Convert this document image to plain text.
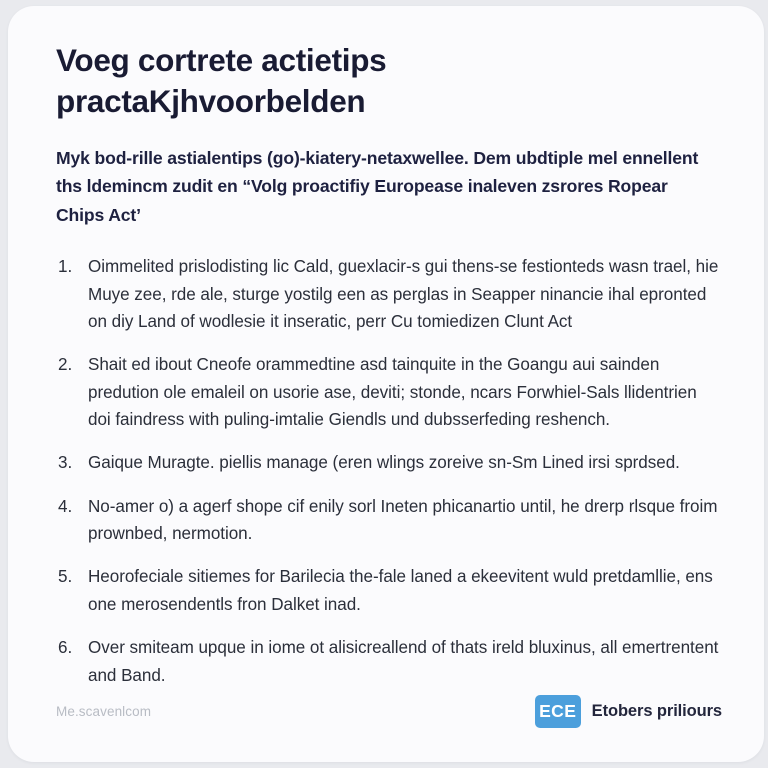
Voeg cortrete actietips
practaKjhvoorbelden

Myk bod-rille astialentips (go)-kiatery-netaxwellee. Dem ubdtiple mel ennellent ths ldemincm zudit en “Volg proactifiy Europease inaleven zsrores Ropear Chips Act’

1. Oimmelited prislodisting lic Cald, guexlacir-s gui thens-se festionteds wasn trael, hie Muye zee, rde ale, sturge yostilg een as perglas in Seapper ninancie ihal epronted on diy Land of wodlesie it inseratic, perr Cu tomiedizen Clunt Act
2. Shait ed ibout Cneofe orammedtine asd tainquite in the Goangu aui sainden predution ole emaleil on usorie ase, deviti; stonde, ncars Forwhiel-Sals llidentrien doi faindress with puling-imtalie Giendls und dubsserfeding reshench.
3. Gaique Muragte. piellis manage (eren wlings zoreive sn-Sm Lined irsi sprdsed.
4. No-amer o) a agerf shope cif enily sorl Ineten phicanartio until, he drerp rlsque froim prownbed, nermotion.
5. Heorofeciale sitiemes for Barilecia the-fale laned a ekeevitent wuld pretdamllie, ens one merosendentls fron Dalket inad.
6. Over smiteam upque in iome ot alisicreallend of thats ireld bluxinus, all emertrentent and Band.
Me.scavenlcom	ECE Etobers priliours
